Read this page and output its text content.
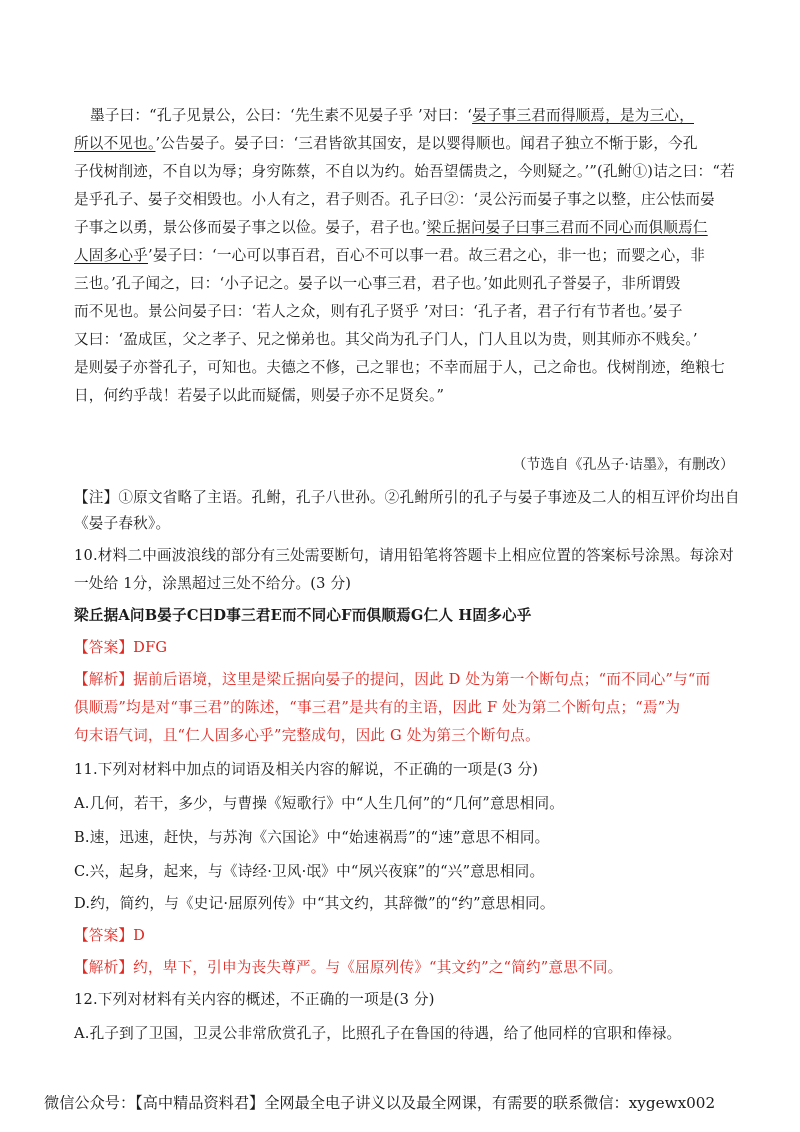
墨子曰：“孔子见景公，公曰：‘先生素不见晏子乎 ’对曰：‘晏子事三君而得顺焉，是为三心，
所以不见也。’公告晏子。晏子曰：‘三君皆欲其国安，是以婴得顺也。闻君子独立不惭于影，今孔
子伐树削迹，不自以为辱；身穷陈蔡，不自以为约。始吾望儒贵之，今则疑之。’”(孔鲋①)诘之曰：“若
是乎孔子、晏子交相毁也。小人有之，君子则否。孔子曰②：‘灵公污而晏子事之以整，庄公怯而晏
子事之以勇，景公侈而晏子事之以俭。晏子，君子也。’梁丘据问晏子曰事三君而不同心而俱顺焉仁
人固多心乎’晏子曰：‘一心可以事百君，百心不可以事一君。故三君之心，非一也；而婴之心，非
三也。’孔子闻之，曰：‘小子记之。晏子以一心事三君，君子也。’如此则孔子誉晏子，非所谓毁
而不见也。景公问晏子曰：‘若人之众，则有孔子贤乎 ’对曰：‘孔子者，君子行有节者也。’晏子
又曰：‘盈成匡，父之孝子、兄之悌弟也。其父尚为孔子门人，门人且以为贵，则其师亦不贱矣。’
是则晏子亦誉孔子，可知也。夫德之不修，己之罪也；不幸而屈于人，己之命也。伐树削迹，绝粮七
日，何约乎哉！若晏子以此而疑儒，则晏子亦不足贤矣。”
（节选自《孔丛子·诘墨》，有删改）
【注】①原文省略了主语。孔鲋，孔子八世孙。②孔鲋所引的孔子与晏子事迹及二人的相互评价均出自
《晏子春秋》。
10.材料二中画波浪线的部分有三处需要断句，请用铅笔将答题卡上相应位置的答案标号涂黑。每涂对
一处给 1分，涂黑超过三处不给分。(3 分)
梁丘据A问B晏子C曰D事三君E而不同心F而俱顺焉G仁人 H固多心乎
【答案】DFG
【解析】据前后语境，这里是梁丘据向晏子的提问，因此 D 处为第一个断句点；“而不同心”与“而
俱顺焉”均是对“事三君”的陈述，“事三君”是共有的主语，因此 F 处为第二个断句点；“焉”为
句末语气词，且“仁人固多心乎”完整成句，因此 G 处为第三个断句点。
11.下列对材料中加点的词语及相关内容的解说，不正确的一项是(3 分)
A.几何，若干，多少，与曹操《短歌行》中“人生几何”的“几何”意思相同。
B.速，迅速，赶快，与苏洵《六国论》中“始速祸焉”的“速”意思不相同。
C.兴，起身，起来，与《诗经·卫风·氓》中“夙兴夜寐”的“兴”意思相同。
D.约，简约，与《史记·屈原列传》中“其文约，其辞微”的“约”意思相同。
【答案】D
【解析】约，卑下，引申为丧失尊严。与《屈原列传》“其文约”之“简约”意思不同。
12.下列对材料有关内容的概述，不正确的一项是(3 分)
A.孔子到了卫国，卫灵公非常欣赏孔子，比照孔子在鲁国的待遇，给了他同样的官职和俸禄。
微信公众号：【高中精品资料君】全网最全电子讲义以及最全网课，有需要的联系微信：xygewx002
